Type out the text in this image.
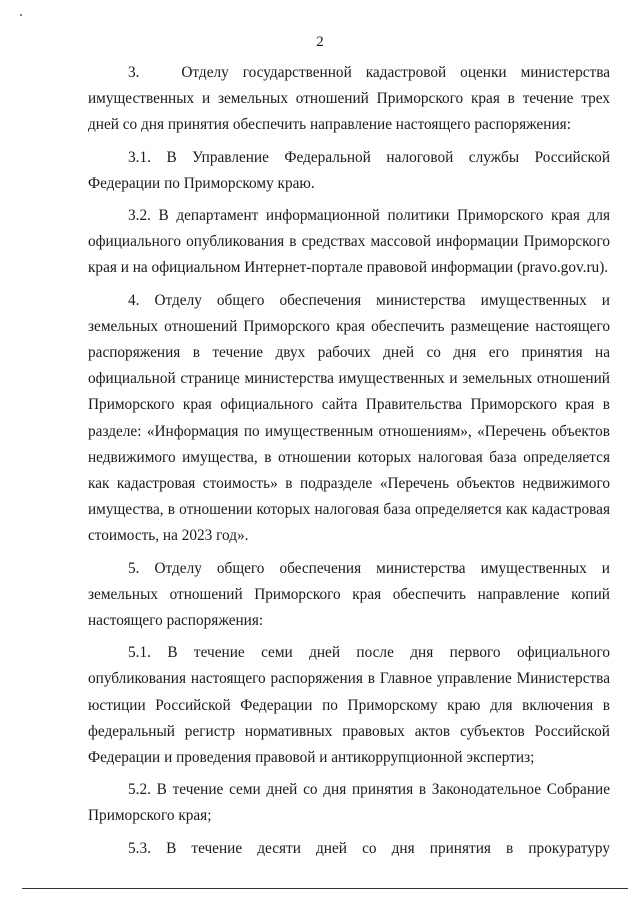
2

3.   Отделу государственной кадастровой оценки министерства имущественных и земельных отношений Приморского края в течение трех дней со дня принятия обеспечить направление настоящего распоряжения:

3.1. В Управление Федеральной налоговой службы Российской Федерации по Приморскому краю.

3.2. В департамент информационной политики Приморского края для официального опубликования в средствах массовой информации Приморского края и на официальном Интернет-портале правовой информации (pravo.gov.ru).

4. Отделу общего обеспечения министерства имущественных и земельных отношений Приморского края обеспечить размещение настоящего распоряжения в течение двух рабочих дней со дня его принятия на официальной странице министерства имущественных и земельных отношений Приморского края официального сайта Правительства Приморского края в разделе: «Информация по имущественным отношениям», «Перечень объектов недвижимого имущества, в отношении которых налоговая база определяется как кадастровая стоимость» в подразделе «Перечень объектов недвижимого имущества, в отношении которых налоговая база определяется как кадастровая стоимость, на 2023 год».

5. Отделу общего обеспечения министерства имущественных и земельных отношений Приморского края обеспечить направление копий настоящего распоряжения:

5.1. В течение семи дней после дня первого официального опубликования настоящего распоряжения в Главное управление Министерства юстиции Российской Федерации по Приморскому краю для включения в федеральный регистр нормативных правовых актов субъектов Российской Федерации и проведения правовой и антикоррупционной экспертиз;

5.2. В течение семи дней со дня принятия в Законодательное Собрание Приморского края;

5.3. В течение десяти дней со дня принятия в прокуратуру
